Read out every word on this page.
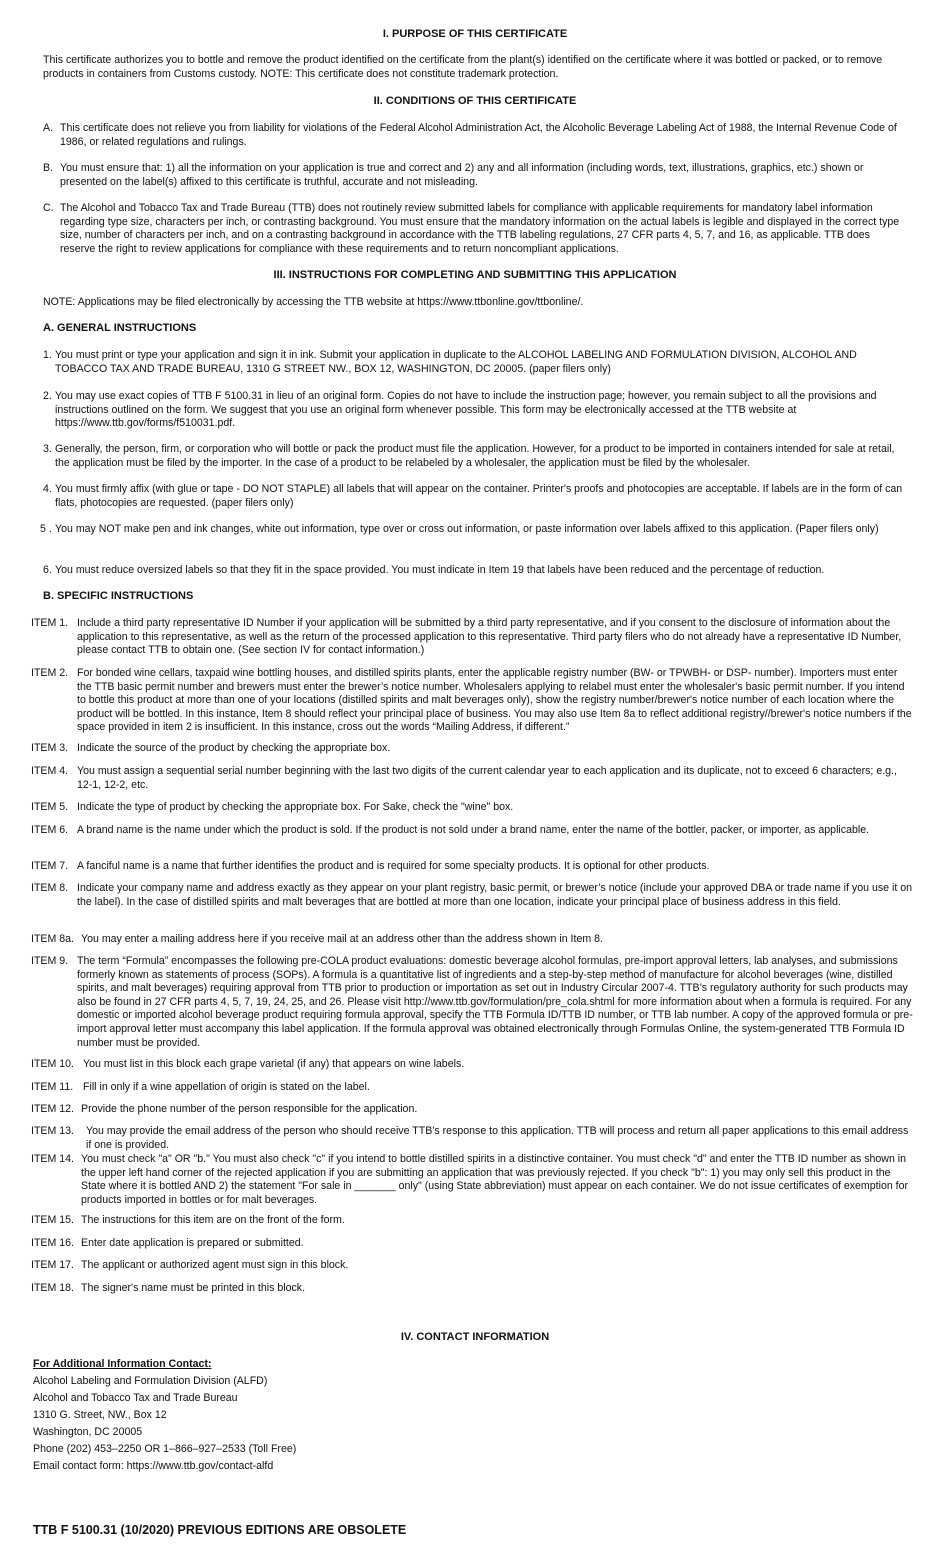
I. PURPOSE OF THIS CERTIFICATE
This certificate authorizes you to bottle and remove the product identified on the certificate from the plant(s) identified on the certificate where it was bottled or packed, or to remove products in containers from Customs custody. NOTE: This certificate does not constitute trademark protection.
II. CONDITIONS OF THIS CERTIFICATE
A. This certificate does not relieve you from liability for violations of the Federal Alcohol Administration Act, the Alcoholic Beverage Labeling Act of 1988, the Internal Revenue Code of 1986, or related regulations and rulings.
B. You must ensure that: 1) all the information on your application is true and correct and 2) any and all information (including words, text, illustrations, graphics, etc.) shown or presented on the label(s) affixed to this certificate is truthful, accurate and not misleading.
C. The Alcohol and Tobacco Tax and Trade Bureau (TTB) does not routinely review submitted labels for compliance with applicable requirements for mandatory label information regarding type size, characters per inch, or contrasting background. You must ensure that the mandatory information on the actual labels is legible and displayed in the correct type size, number of characters per inch, and on a contrasting background in accordance with the TTB labeling regulations, 27 CFR parts 4, 5, 7, and 16, as applicable. TTB does reserve the right to review applications for compliance with these requirements and to return noncompliant applications.
III. INSTRUCTIONS FOR COMPLETING AND SUBMITTING THIS APPLICATION
NOTE: Applications may be filed electronically by accessing the TTB website at https://www.ttbonline.gov/ttbonline/.
A. GENERAL INSTRUCTIONS
1. You must print or type your application and sign it in ink. Submit your application in duplicate to the ALCOHOL LABELING AND FORMULATION DIVISION, ALCOHOL AND TOBACCO TAX AND TRADE BUREAU, 1310 G STREET NW., BOX 12, WASHINGTON, DC 20005. (paper filers only)
2. You may use exact copies of TTB F 5100.31 in lieu of an original form. Copies do not have to include the instruction page; however, you remain subject to all the provisions and instructions outlined on the form. We suggest that you use an original form whenever possible. This form may be electronically accessed at the TTB website at https://www.ttb.gov/forms/f510031.pdf.
3. Generally, the person, firm, or corporation who will bottle or pack the product must file the application. However, for a product to be imported in containers intended for sale at retail, the application must be filed by the importer. In the case of a product to be relabeled by a wholesaler, the application must be filed by the wholesaler.
4. You must firmly affix (with glue or tape - DO NOT STAPLE) all labels that will appear on the container. Printer's proofs and photocopies are acceptable. If labels are in the form of can flats, photocopies are requested. (paper filers only)
5 . You may NOT make pen and ink changes, white out information, type over or cross out information, or paste information over labels affixed to this application. (Paper filers only)
6. You must reduce oversized labels so that they fit in the space provided. You must indicate in Item 19 that labels have been reduced and the percentage of reduction.
B. SPECIFIC INSTRUCTIONS
ITEM 1. Include a third party representative ID Number if your application will be submitted by a third party representative, and if you consent to the disclosure of information about the application to this representative, as well as the return of the processed application to this representative. Third party filers who do not already have a representative ID Number, please contact TTB to obtain one. (See section IV for contact information.)
ITEM 2. For bonded wine cellars, taxpaid wine bottling houses, and distilled spirits plants, enter the applicable registry number (BW- or TPWBH- or DSP- number). Importers must enter the TTB basic permit number and brewers must enter the brewer’s notice number. Wholesalers applying to relabel must enter the wholesaler's basic permit number. If you intend to bottle this product at more than one of your locations (distilled spirits and malt beverages only), show the registry number/brewer's notice number of each location where the product will be bottled. In this instance, Item 8 should reflect your principal place of business. You may also use Item 8a to reflect additional registry//brewer's notice numbers if the space provided in item 2 is insufficient. In this instance, cross out the words “Mailing Address, if different.”
ITEM 3. Indicate the source of the product by checking the appropriate box.
ITEM 4. You must assign a sequential serial number beginning with the last two digits of the current calendar year to each application and its duplicate, not to exceed 6 characters; e.g., 12-1, 12-2, etc.
ITEM 5. Indicate the type of product by checking the appropriate box. For Sake, check the "wine" box.
ITEM 6. A brand name is the name under which the product is sold. If the product is not sold under a brand name, enter the name of the bottler, packer, or importer, as applicable.
ITEM 7. A fanciful name is a name that further identifies the product and is required for some specialty products. It is optional for other products.
ITEM 8. Indicate your company name and address exactly as they appear on your plant registry, basic permit, or brewer’s notice (include your approved DBA or trade name if you use it on the label). In the case of distilled spirits and malt beverages that are bottled at more than one location, indicate your principal place of business address in this field.
ITEM 8a. You may enter a mailing address here if you receive mail at an address other than the address shown in Item 8.
ITEM 9. The term “Formula” encompasses the following pre-COLA product evaluations: domestic beverage alcohol formulas, pre-import approval letters, lab analyses, and submissions formerly known as statements of process (SOPs). A formula is a quantitative list of ingredients and a step-by-step method of manufacture for alcohol beverages (wine, distilled spirits, and malt beverages) requiring approval from TTB prior to production or importation as set out in Industry Circular 2007-4. TTB’s regulatory authority for such products may also be found in 27 CFR parts 4, 5, 7, 19, 24, 25, and 26. Please visit http://www.ttb.gov/formulation/pre_cola.shtml for more information about when a formula is required. For any domestic or imported alcohol beverage product requiring formula approval, specify the TTB Formula ID/TTB ID number, or TTB lab number. A copy of the approved formula or pre-import approval letter must accompany this label application. If the formula approval was obtained electronically through Formulas Online, the system-generated TTB Formula ID number must be provided.
ITEM 10. You must list in this block each grape varietal (if any) that appears on wine labels.
ITEM 11. Fill in only if a wine appellation of origin is stated on the label.
ITEM 12. Provide the phone number of the person responsible for the application.
ITEM 13. You may provide the email address of the person who should receive TTB’s response to this application. TTB will process and return all paper applications to this email address if one is provided.
ITEM 14. You must check "a" OR "b." You must also check "c" if you intend to bottle distilled spirits in a distinctive container. You must check "d" and enter the TTB ID number as shown in the upper left hand corner of the rejected application if you are submitting an application that was previously rejected. If you check "b": 1) you may only sell this product in the State where it is bottled AND 2) the statement "For sale in _______ only" (using State abbreviation) must appear on each container. We do not issue certificates of exemption for products imported in bottles or for malt beverages.
ITEM 15. The instructions for this item are on the front of the form.
ITEM 16. Enter date application is prepared or submitted.
ITEM 17. The applicant or authorized agent must sign in this block.
ITEM 18. The signer's name must be printed in this block.
IV. CONTACT INFORMATION
For Additional Information Contact:
Alcohol Labeling and Formulation Division (ALFD)
Alcohol and Tobacco Tax and Trade Bureau
1310 G. Street, NW., Box 12
Washington, DC 20005
Phone (202) 453–2250 OR 1–866–927–2533 (Toll Free)
Email contact form: https://www.ttb.gov/contact-alfd
TTB F 5100.31 (10/2020) PREVIOUS EDITIONS ARE OBSOLETE
